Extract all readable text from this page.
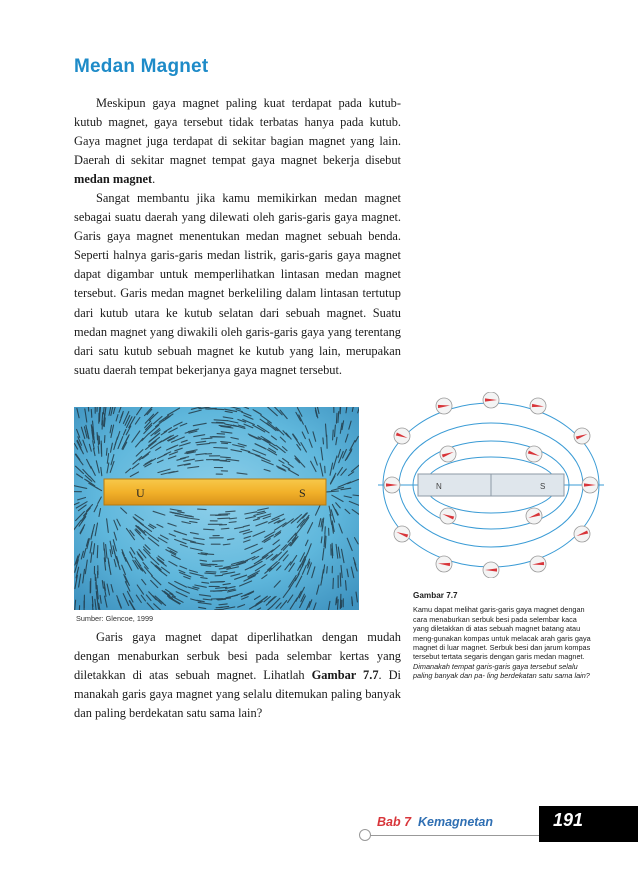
Medan Magnet

Meskipun gaya magnet paling kuat terdapat pada kutub-kutub magnet, gaya tersebut tidak terbatas hanya pada kutub. Gaya magnet juga terdapat di sekitar bagian magnet yang lain. Daerah di sekitar magnet tempat gaya magnet bekerja disebut medan magnet.

Sangat membantu jika kamu memikirkan medan magnet sebagai suatu daerah yang dilewati oleh garis-garis gaya magnet. Garis gaya magnet menentukan medan magnet sebuah benda. Seperti halnya garis-garis medan listrik, garis-garis gaya magnet dapat digambar untuk memperlihatkan lintasan medan magnet tersebut. Garis medan magnet berkeliling dalam lintasan tertutup dari kutub utara ke kutub selatan dari sebuah magnet. Suatu medan magnet yang diwakili oleh garis-garis gaya yang terentang dari satu kutub sebuah magnet ke kutub yang lain, merupakan suatu daerah tempat bekerjanya gaya magnet tersebut.

U	S
Sumber: Glencoe, 1999
N	S
Gambar 7.7
Kamu dapat melihat garis-garis gaya magnet dengan cara menaburkan serbuk besi pada selembar kaca yang diletakkan di atas sebuah magnet batang atau meng-gunakan kompas untuk melacak arah garis gaya magnet di luar magnet. Serbuk besi dan jarum kompas tersebut tertata segaris dengan garis medan magnet. Dimanakah tempat garis-garis gaya tersebut selalu paling banyak dan pa- ling berdekatan satu sama lain?

Garis gaya magnet dapat diperlihatkan dengan mudah dengan menaburkan serbuk besi pada selembar kertas yang diletakkan di atas sebuah magnet. Lihatlah Gambar 7.7. Di manakah garis gaya magnet yang selalu ditemukan paling banyak dan paling berdekatan satu sama lain?

Bab 7 Kemagnetan	191
